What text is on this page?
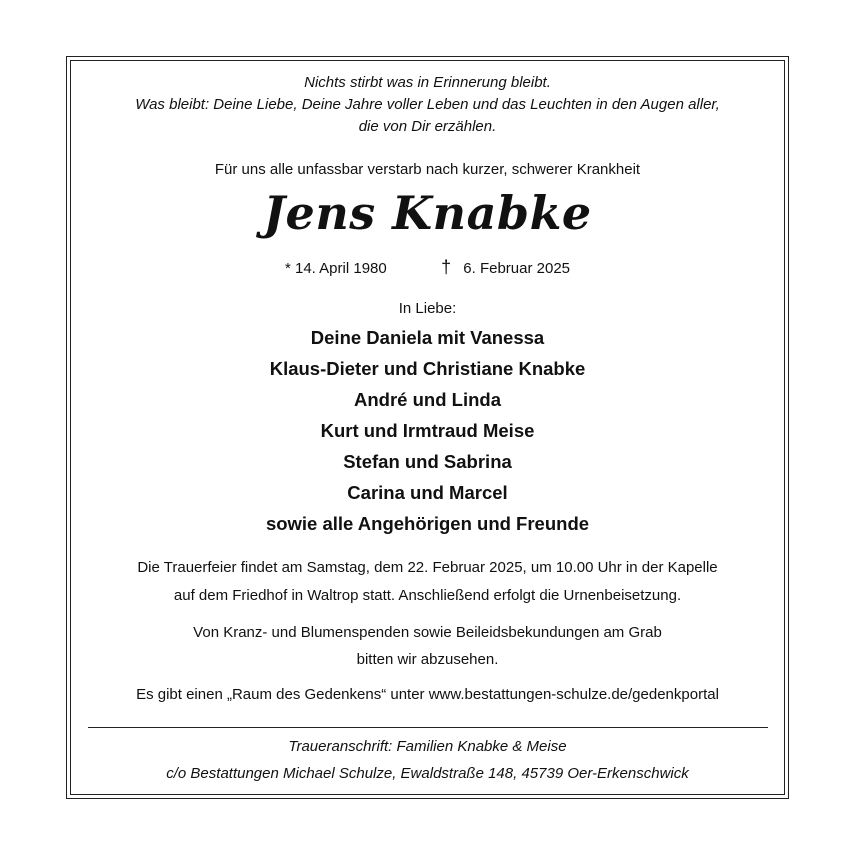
Nichts stirbt was in Erinnerung bleibt.
Was bleibt: Deine Liebe, Deine Jahre voller Leben und das Leuchten in den Augen aller,
die von Dir erzählen.
Für uns alle unfassbar verstarb nach kurzer, schwerer Krankheit
Jens Knabke
* 14. April 1980	† 6. Februar 2025
In Liebe:
Deine Daniela mit Vanessa
Klaus-Dieter und Christiane Knabke
André und Linda
Kurt und Irmtraud Meise
Stefan und Sabrina
Carina und Marcel
sowie alle Angehörigen und Freunde
Die Trauerfeier findet am Samstag, dem 22. Februar 2025, um 10.00 Uhr in der Kapelle
auf dem Friedhof in Waltrop statt. Anschließend erfolgt die Urnenbeisetzung.
Von Kranz- und Blumenspenden sowie Beileidsbekundungen am Grab
bitten wir abzusehen.
Es gibt einen „Raum des Gedenkens“ unter www.bestattungen-schulze.de/gedenkportal
Traueranschrift: Familien Knabke & Meise
c/o Bestattungen Michael Schulze, Ewaldstraße 148, 45739 Oer-Erkenschwick
